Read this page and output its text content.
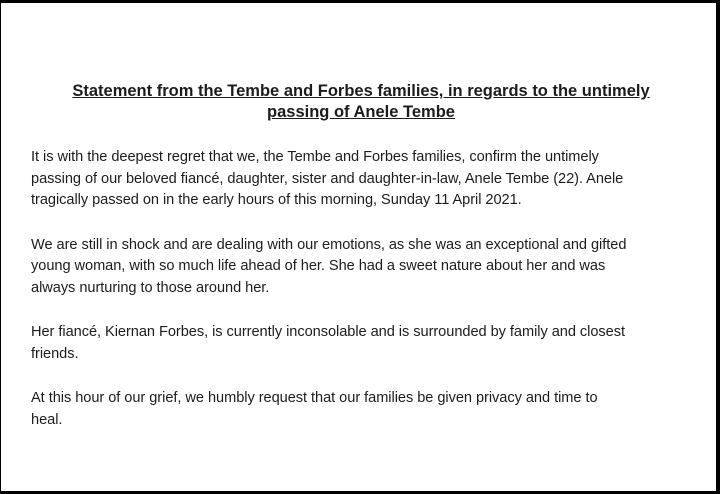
Statement from the Tembe and Forbes families, in regards to the untimely
passing of Anele Tembe

It is with the deepest regret that we, the Tembe and Forbes families, confirm the untimely
passing of our beloved fiancé, daughter, sister and daughter-in-law, Anele Tembe (22). Anele
tragically passed on in the early hours of this morning, Sunday 11 April 2021.

We are still in shock and are dealing with our emotions, as she was an exceptional and gifted
young woman, with so much life ahead of her. She had a sweet nature about her and was
always nurturing to those around her.

Her fiancé, Kiernan Forbes, is currently inconsolable and is surrounded by family and closest
friends.

At this hour of our grief, we humbly request that our families be given privacy and time to
heal.
